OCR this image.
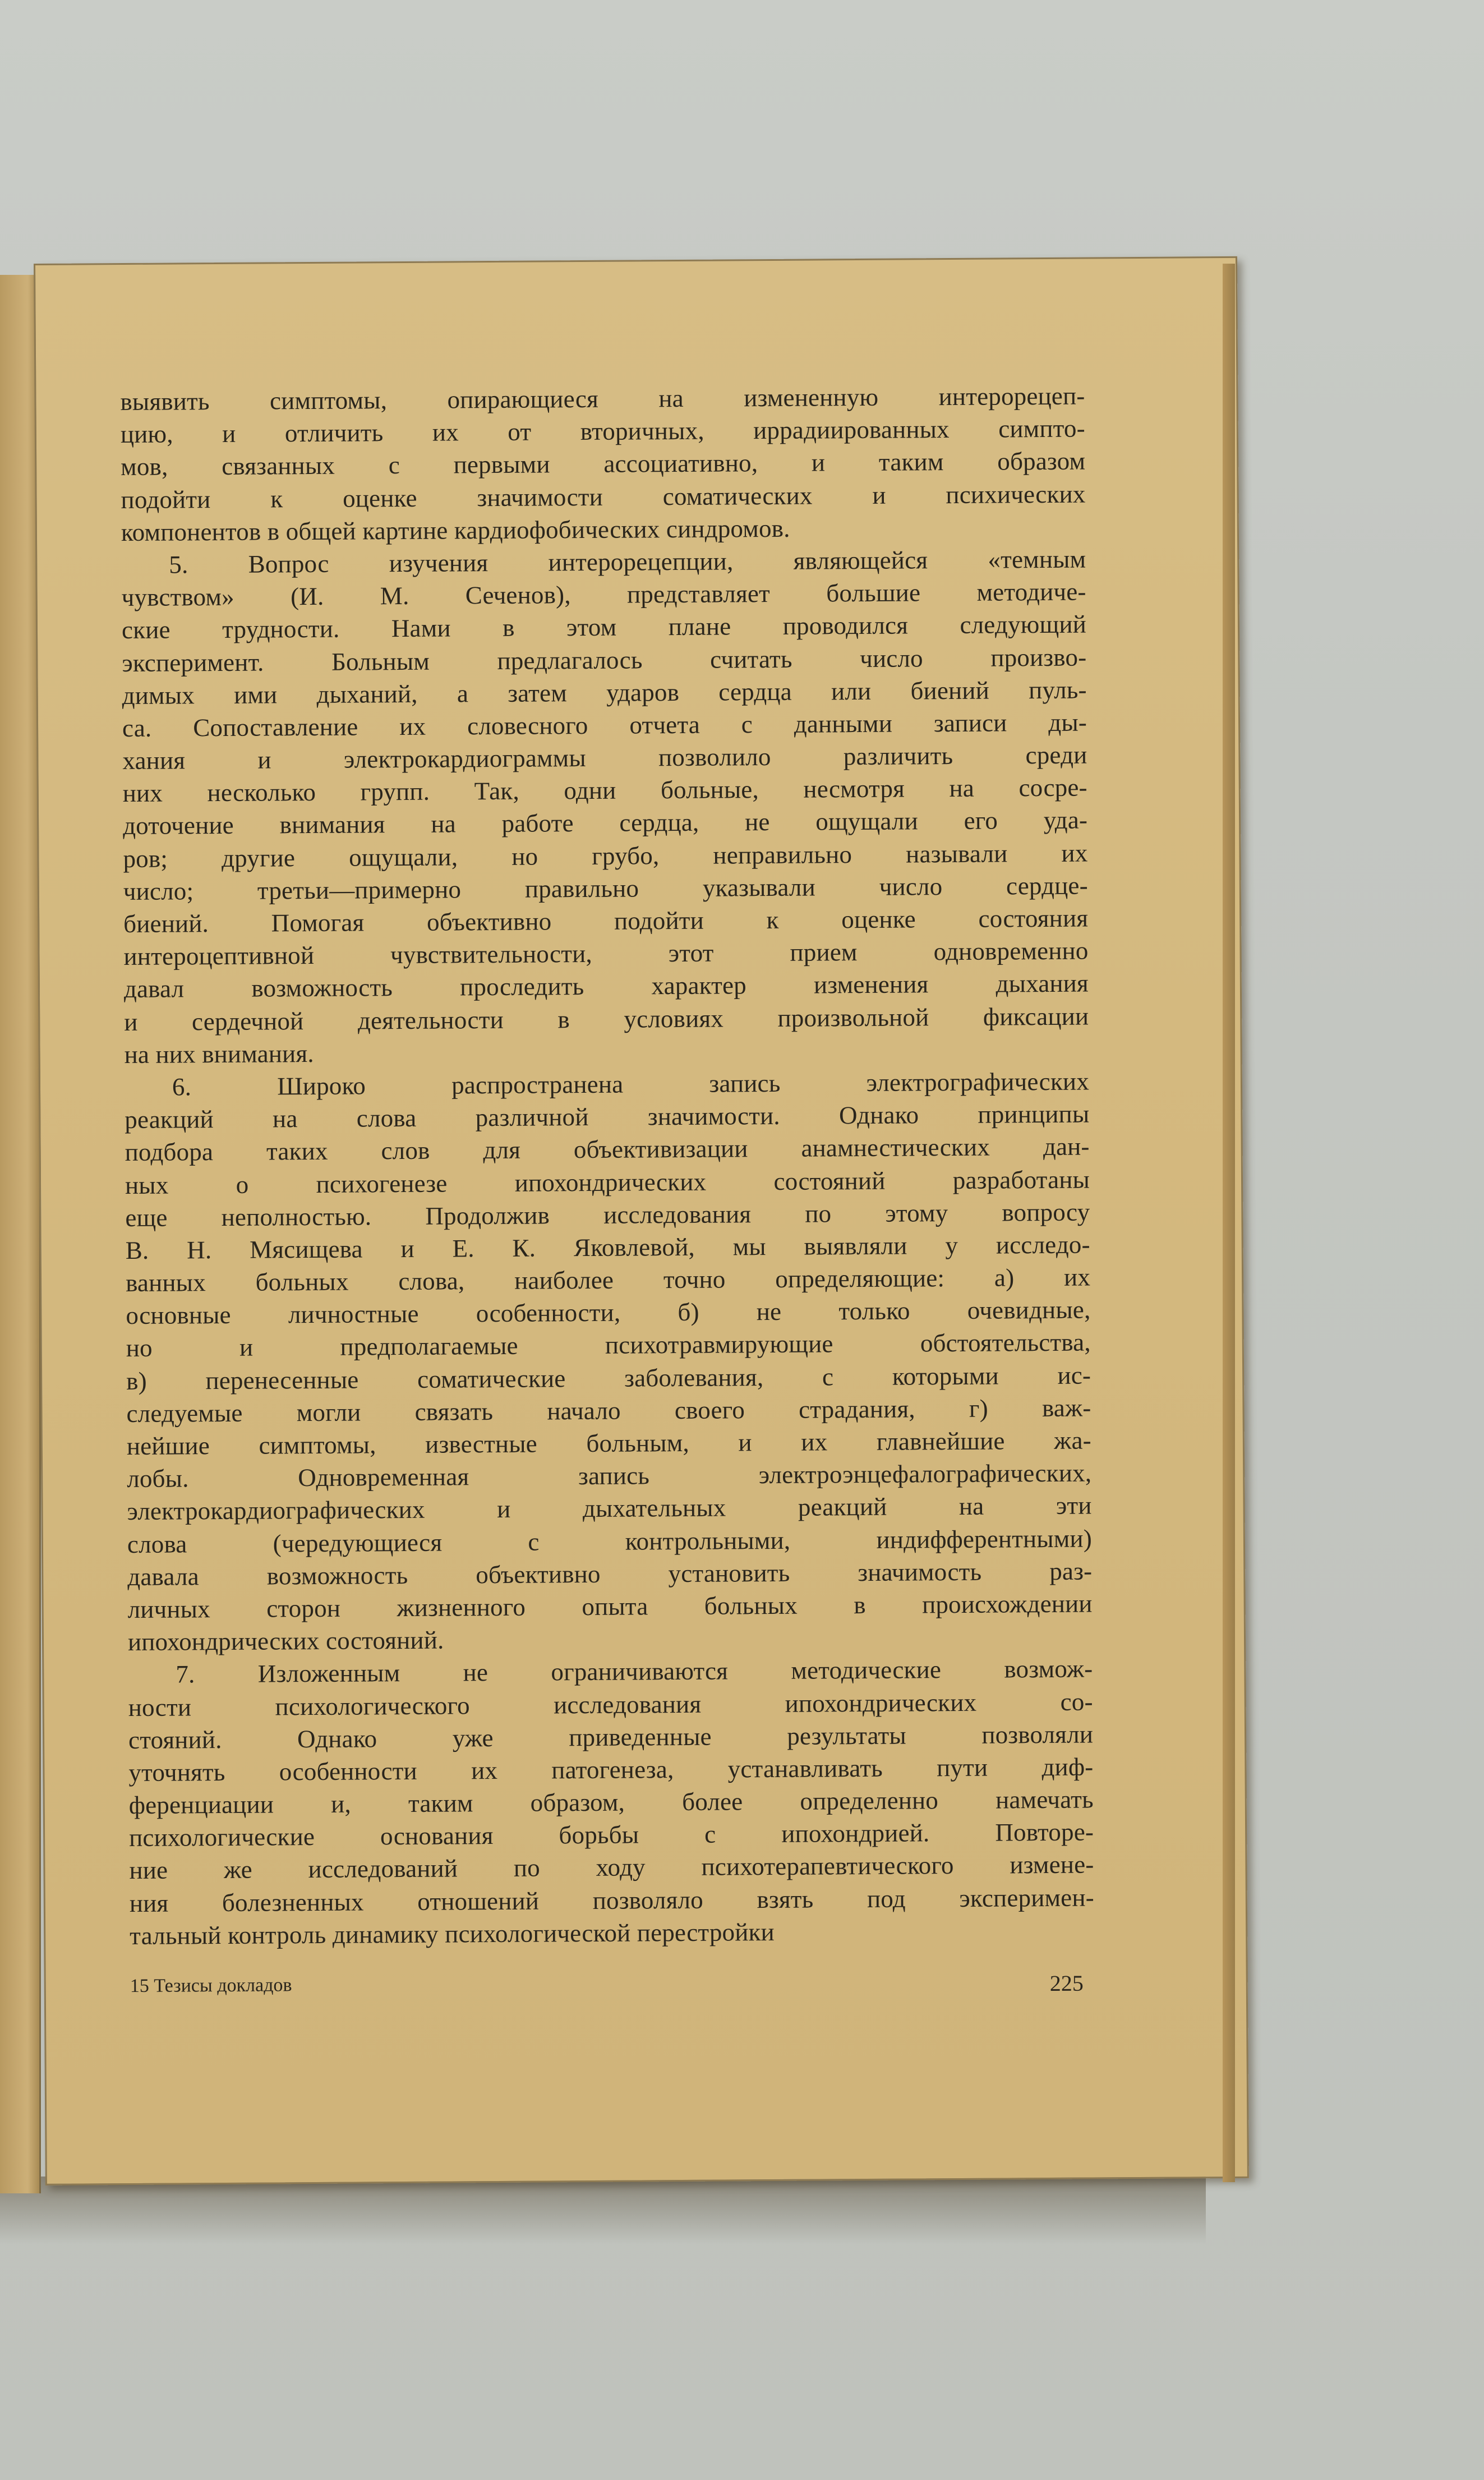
выявить симптомы, опирающиеся на измененную интерорецеп-
цию, и отличить их от вторичных, иррадиированных симпто-
мов, связанных с первыми ассоциативно, и таким образом
подойти к оценке значимости соматических и психических
компонентов в общей картине кардиофобических синдромов.
5. Вопрос изучения интерорецепции, являющейся «темным
чувством» (И. М. Сеченов), представляет большие методиче-
ские трудности. Нами в этом плане проводился следующий
эксперимент. Больным предлагалось считать число произво-
димых ими дыханий, а затем ударов сердца или биений пуль-
са. Сопоставление их словесного отчета с данными записи ды-
хания и электрокардиограммы позволило различить среди
них несколько групп. Так, одни больные, несмотря на сосре-
доточение внимания на работе сердца, не ощущали его уда-
ров; другие ощущали, но грубо, неправильно называли их
число; третьи—примерно правильно указывали число сердце-
биений. Помогая объективно подойти к оценке состояния
интероцептивной чувствительности, этот прием одновременно
давал возможность проследить характер изменения дыхания
и сердечной деятельности в условиях произвольной фиксации
на них внимания.
6. Широко распространена запись электрографических
реакций на слова различной значимости. Однако принципы
подбора таких слов для объективизации анамнестических дан-
ных о психогенезе ипохондрических состояний разработаны
еще неполностью. Продолжив исследования по этому вопросу
В. Н. Мясищева и Е. К. Яковлевой, мы выявляли у исследо-
ванных больных слова, наиболее точно определяющие: а) их
основные личностные особенности, б) не только очевидные,
но и предполагаемые психотравмирующие обстоятельства,
в) перенесенные соматические заболевания, с которыми ис-
следуемые могли связать начало своего страдания, г) важ-
нейшие симптомы, известные больным, и их главнейшие жа-
лобы. Одновременная запись электроэнцефалографических,
электрокардиографических и дыхательных реакций на эти
слова (чередующиеся с контрольными, индифферентными)
давала возможность объективно установить значимость раз-
личных сторон жизненного опыта больных в происхождении
ипохондрических состояний.
7. Изложенным не ограничиваются методические возмож-
ности психологического исследования ипохондрических со-
стояний. Однако уже приведенные результаты позволяли
уточнять особенности их патогенеза, устанавливать пути диф-
ференциации и, таким образом, более определенно намечать
психологические основания борьбы с ипохондрией. Повторе-
ние же исследований по ходу психотерапевтического измене-
ния болезненных отношений позволяло взять под эксперимен-
тальный контроль динамику психологической перестройки
15 Тезисы докладов	225
